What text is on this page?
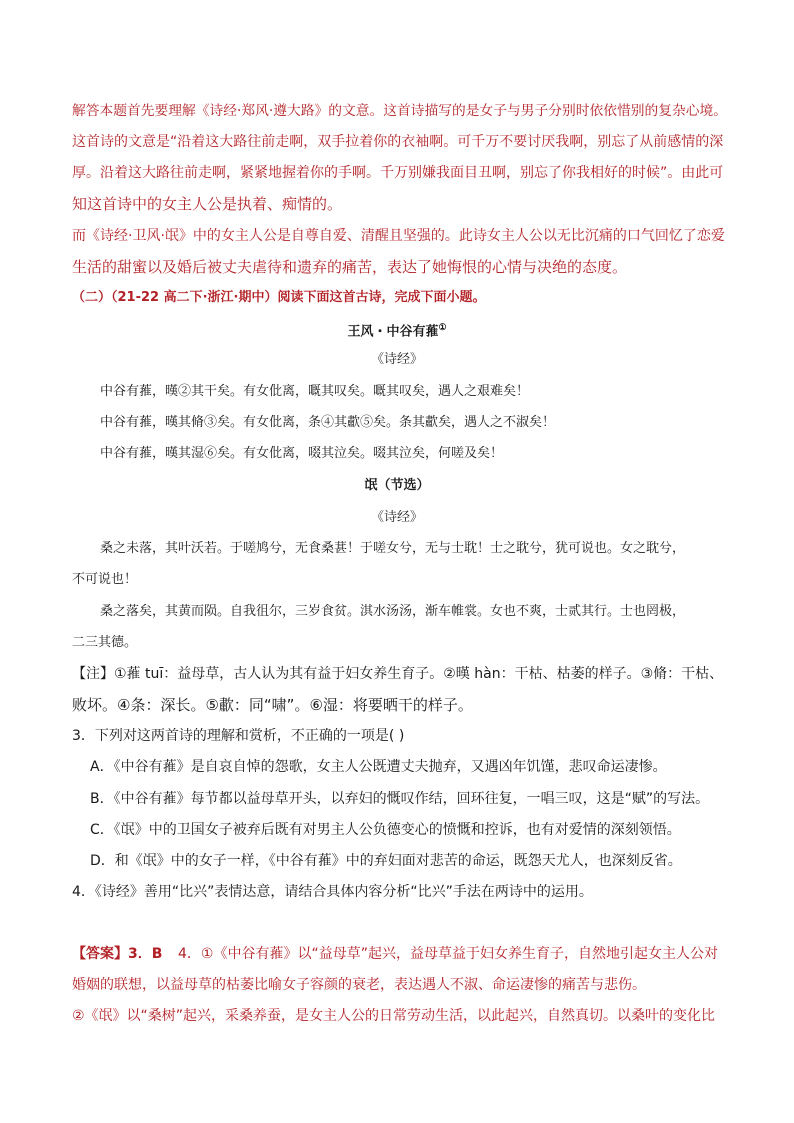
解答本题首先要理解《诗经·郑风·遵大路》的文意。这首诗描写的是女子与男子分别时依依惜别的复杂心境。
这首诗的文意是“沿着这大路往前走啊，双手拉着你的衣袖啊。可千万不要讨厌我啊，别忘了从前感情的深
厚。沿着这大路往前走啊，紧紧地握着你的手啊。千万别嫌我面目丑啊，别忘了你我相好的时候”。由此可
知这首诗中的女主人公是执着、痴情的。
而《诗经·卫风·氓》中的女主人公是自尊自爱、清醒且坚强的。此诗女主人公以无比沉痛的口气回忆了恋爱
生活的甜蜜以及婚后被丈夫虐待和遗弃的痛苦，表达了她悔恨的心情与决绝的态度。
（二）（21-22 高二下·浙江·期中）阅读下面这首古诗，完成下面小题。
王风・中谷有蓷①
《诗经》
中谷有蓷，暵②其干矣。有女仳离，嘅其叹矣。嘅其叹矣，遇人之艰难矣！
中谷有蓷，暵其脩③矣。有女仳离，条④其歗⑤矣。条其歗矣，遇人之不淑矣！
中谷有蓷，暵其湿⑥矣。有女仳离，啜其泣矣。啜其泣矣，何嗟及矣！
氓（节选）
《诗经》
桑之未落，其叶沃若。于嗟鸠兮，无食桑葚！于嗟女兮，无与士耽！士之耽兮，犹可说也。女之耽兮，
不可说也！
桑之落矣，其黄而陨。自我徂尔，三岁食贫。淇水汤汤，渐车帷裳。女也不爽，士贰其行。士也罔极，
二三其德。
【注】①蓷 tuī：益母草，古人认为其有益于妇女养生育子。②暵 hàn：干枯、枯萎的样子。③脩：干枯、
败坏。④条：深长。⑤歗：同“啸”。⑥湿：将要晒干的样子。
3．下列对这两首诗的理解和赏析，不正确的一项是( )
A．《中谷有蓷》是自哀自悼的怨歌，女主人公既遭丈夫抛弃，又遇凶年饥馑，悲叹命运凄惨。
B．《中谷有蓷》每节都以益母草开头，以弃妇的慨叹作结，回环往复，一唱三叹，这是“赋”的写法。
C．《氓》中的卫国女子被弃后既有对男主人公负德变心的愤慨和控诉，也有对爱情的深刻领悟。
D．和《氓》中的女子一样，《中谷有蓷》中的弃妇面对悲苦的命运，既怨天尤人，也深刻反省。
4．《诗经》善用“比兴”表情达意，请结合具体内容分析“比兴”手法在两诗中的运用。
【答案】3．B 4．①《中谷有蓷》以“益母草”起兴，益母草益于妇女养生育子，自然地引起女主人公对
婚姻的联想，以益母草的枯萎比喻女子容颜的衰老，表达遇人不淑、命运凄惨的痛苦与悲伤。
②《氓》以“桑树”起兴，采桑养蚕，是女主人公的日常劳动生活，以此起兴，自然真切。以桑叶的变化比
